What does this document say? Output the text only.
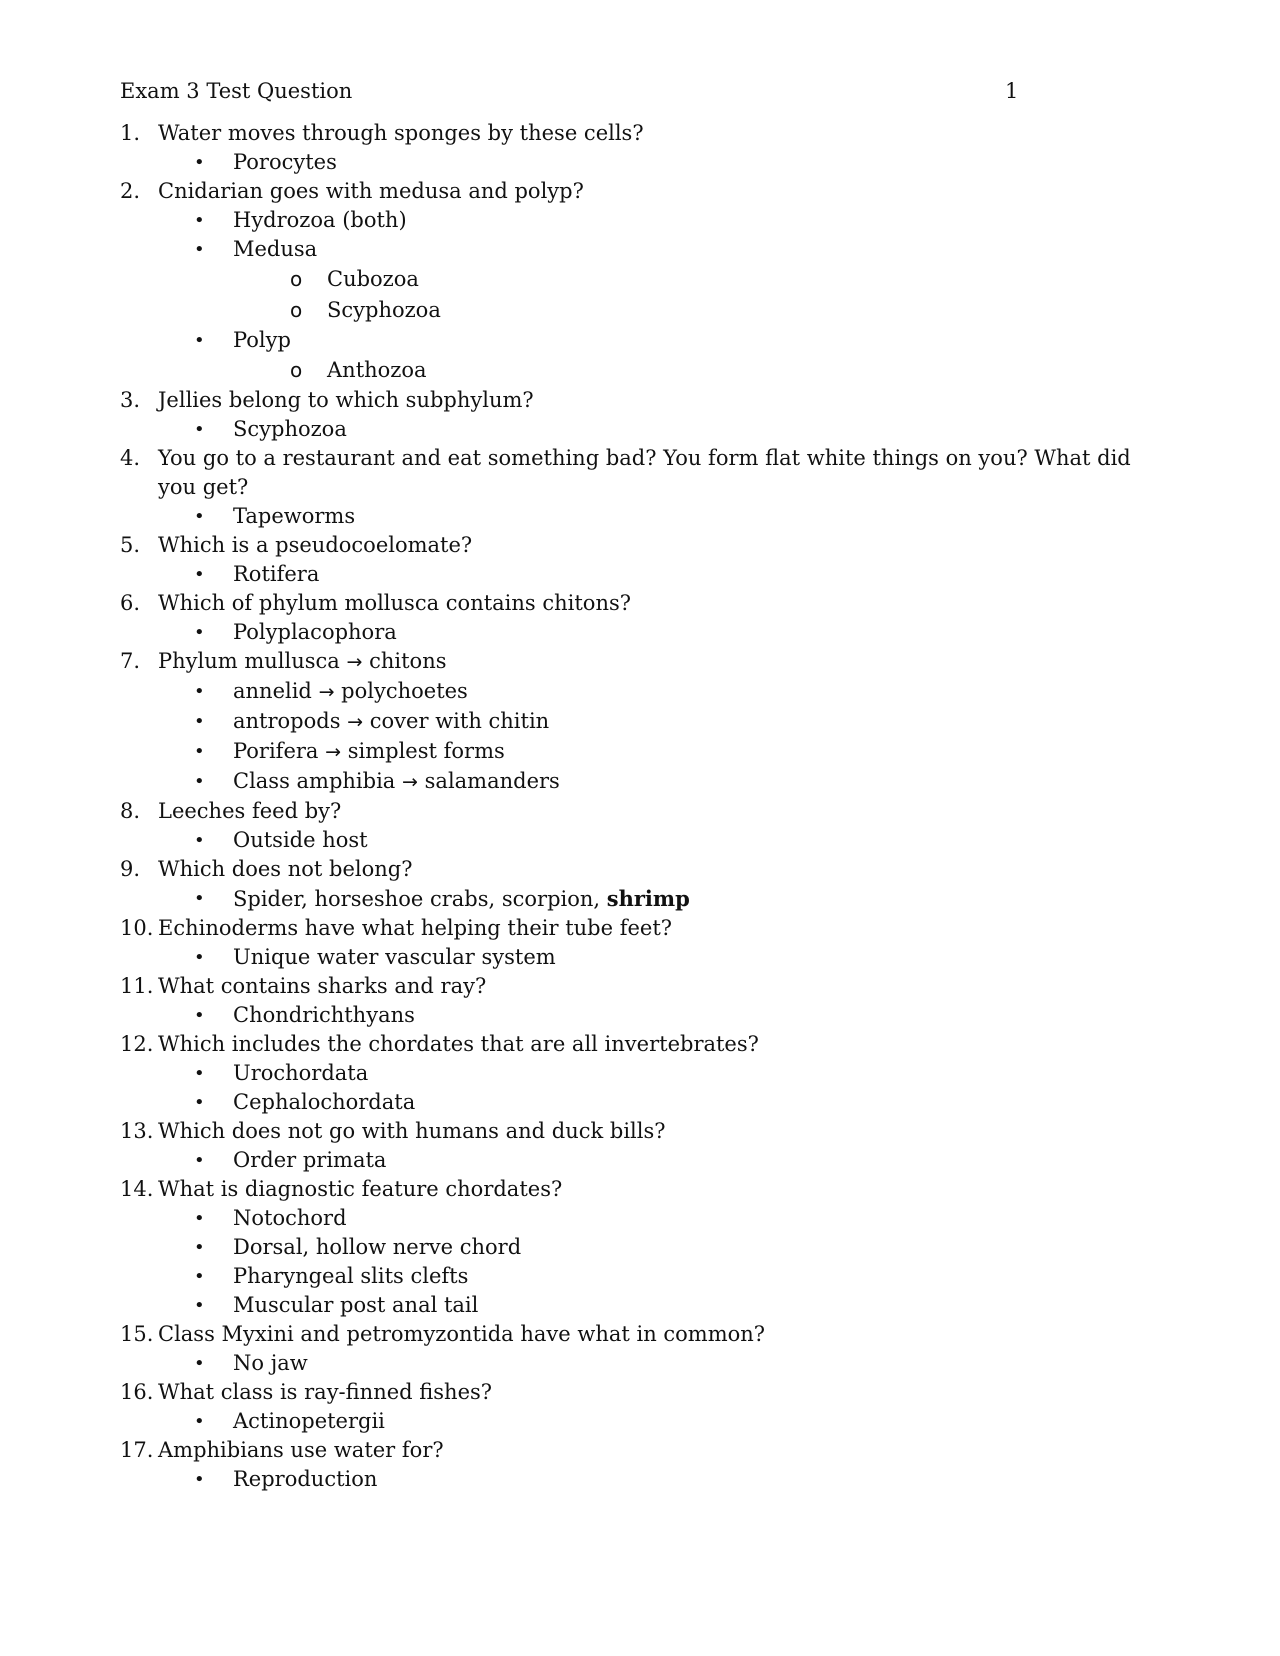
Exam 3 Test Question	1
1. Water moves through sponges by these cells?
• Porocytes
2. Cnidarian goes with medusa and polyp?
• Hydrozoa (both)
• Medusa
o Cubozoa
o Scyphozoa
• Polyp
o Anthozoa
3. Jellies belong to which subphylum?
• Scyphozoa
4. You go to a restaurant and eat something bad? You form flat white things on you? What did you get?
• Tapeworms
5. Which is a pseudocoelomate?
• Rotifera
6. Which of phylum mollusca contains chitons?
• Polyplacophora
7. Phylum mullusca → chitons
• annelid → polychoetes
• antropods → cover with chitin
• Porifera → simplest forms
• Class amphibia → salamanders
8. Leeches feed by?
• Outside host
9. Which does not belong?
• Spider, horseshoe crabs, scorpion, shrimp
10. Echinoderms have what helping their tube feet?
• Unique water vascular system
11. What contains sharks and ray?
• Chondrichthyans
12. Which includes the chordates that are all invertebrates?
• Urochordata
• Cephalochordata
13. Which does not go with humans and duck bills?
• Order primata
14. What is diagnostic feature chordates?
• Notochord
• Dorsal, hollow nerve chord
• Pharyngeal slits clefts
• Muscular post anal tail
15. Class Myxini and petromyzontida have what in common?
• No jaw
16. What class is ray-finned fishes?
• Actinopetergii
17. Amphibians use water for?
• Reproduction
